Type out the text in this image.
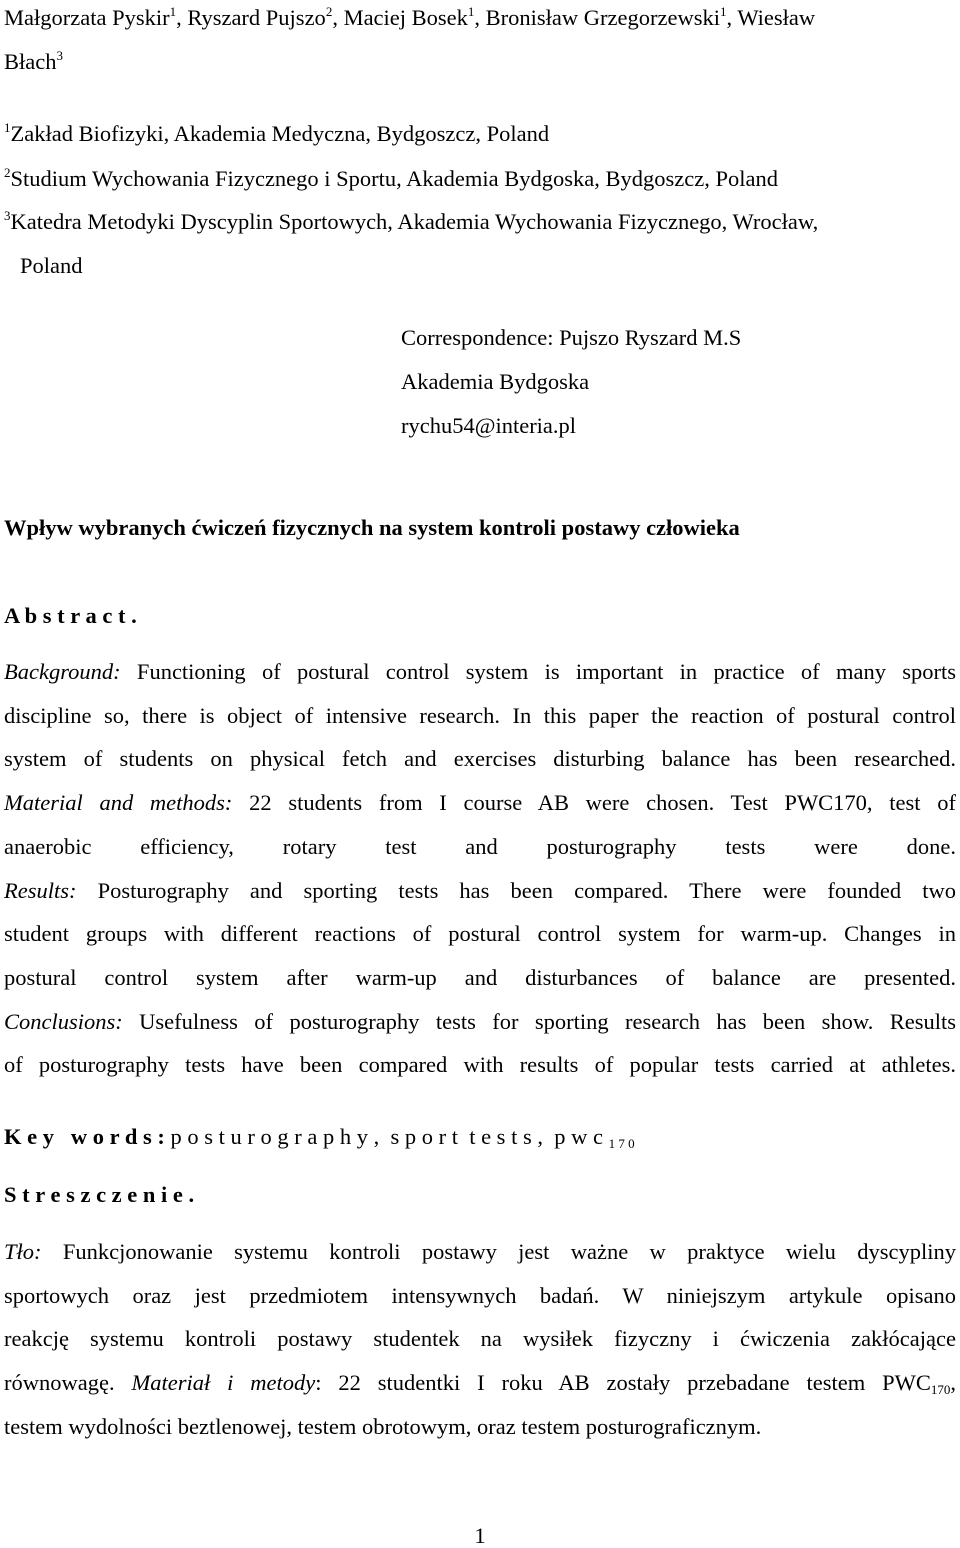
Małgorzata Pyskir$^1$, Ryszard Pujszo$^2$, Maciej Bosek$^1$, Bronisław Grzegorzewski$^1$, Wiesław
Błach$^3$
$^1$Zakład Biofizyki, Akademia Medyczna, Bydgoszcz, Poland
$^2$Studium Wychowania Fizycznego i Sportu, Akademia Bydgoska, Bydgoszcz, Poland
$^3$Katedra Metodyki Dyscyplin Sportowych, Akademia Wychowania Fizycznego, Wrocław,
Poland
Correspondence: Pujszo Ryszard M.S
Akademia Bydgoska
rychu54@interia.pl
Wpływ wybranych ćwiczeń fizycznych na system kontroli postawy człowieka
A b s t r a c t .
Background: Functioning of postural control system is important in practice of many sports
discipline so, there is object of intensive research. In this paper the reaction of postural control
system of students on physical fetch and exercises disturbing balance has been researched.
Material and methods: 22 students from I course AB were chosen. Test PWC170, test of
anaerobic efficiency, rotary test and posturography tests were done.
Results: Posturography and sporting tests has been compared. There were founded two
student groups with different reactions of postural control system for warm-up. Changes in
postural control system after warm-up and disturbances of balance are presented.
Conclusions: Usefulness of posturography tests for sporting research has been show. Results
of posturography tests have been compared with results of popular tests carried at athletes.
K e y   w o r d s : p o s t u r o g r a p h y ,  s p o r t  t e s t s ,  p w c $_{1 7 0}$
S t r e s z c z e n i e .
Tło: Funkcjonowanie systemu kontroli postawy jest ważne w praktyce wielu dyscypliny
sportowych oraz jest przedmiotem intensywnych badań. W niniejszym artykule opisano
reakcję systemu kontroli postawy studentek na wysiłek fizyczny i ćwiczenia zakłócające
równowagę. Materiał i metody: 22 studentki I roku AB zostały przebadane testem $PWC_{170}$,
testem wydolności beztlenowej, testem obrotowym, oraz testem posturograficznym.
1
